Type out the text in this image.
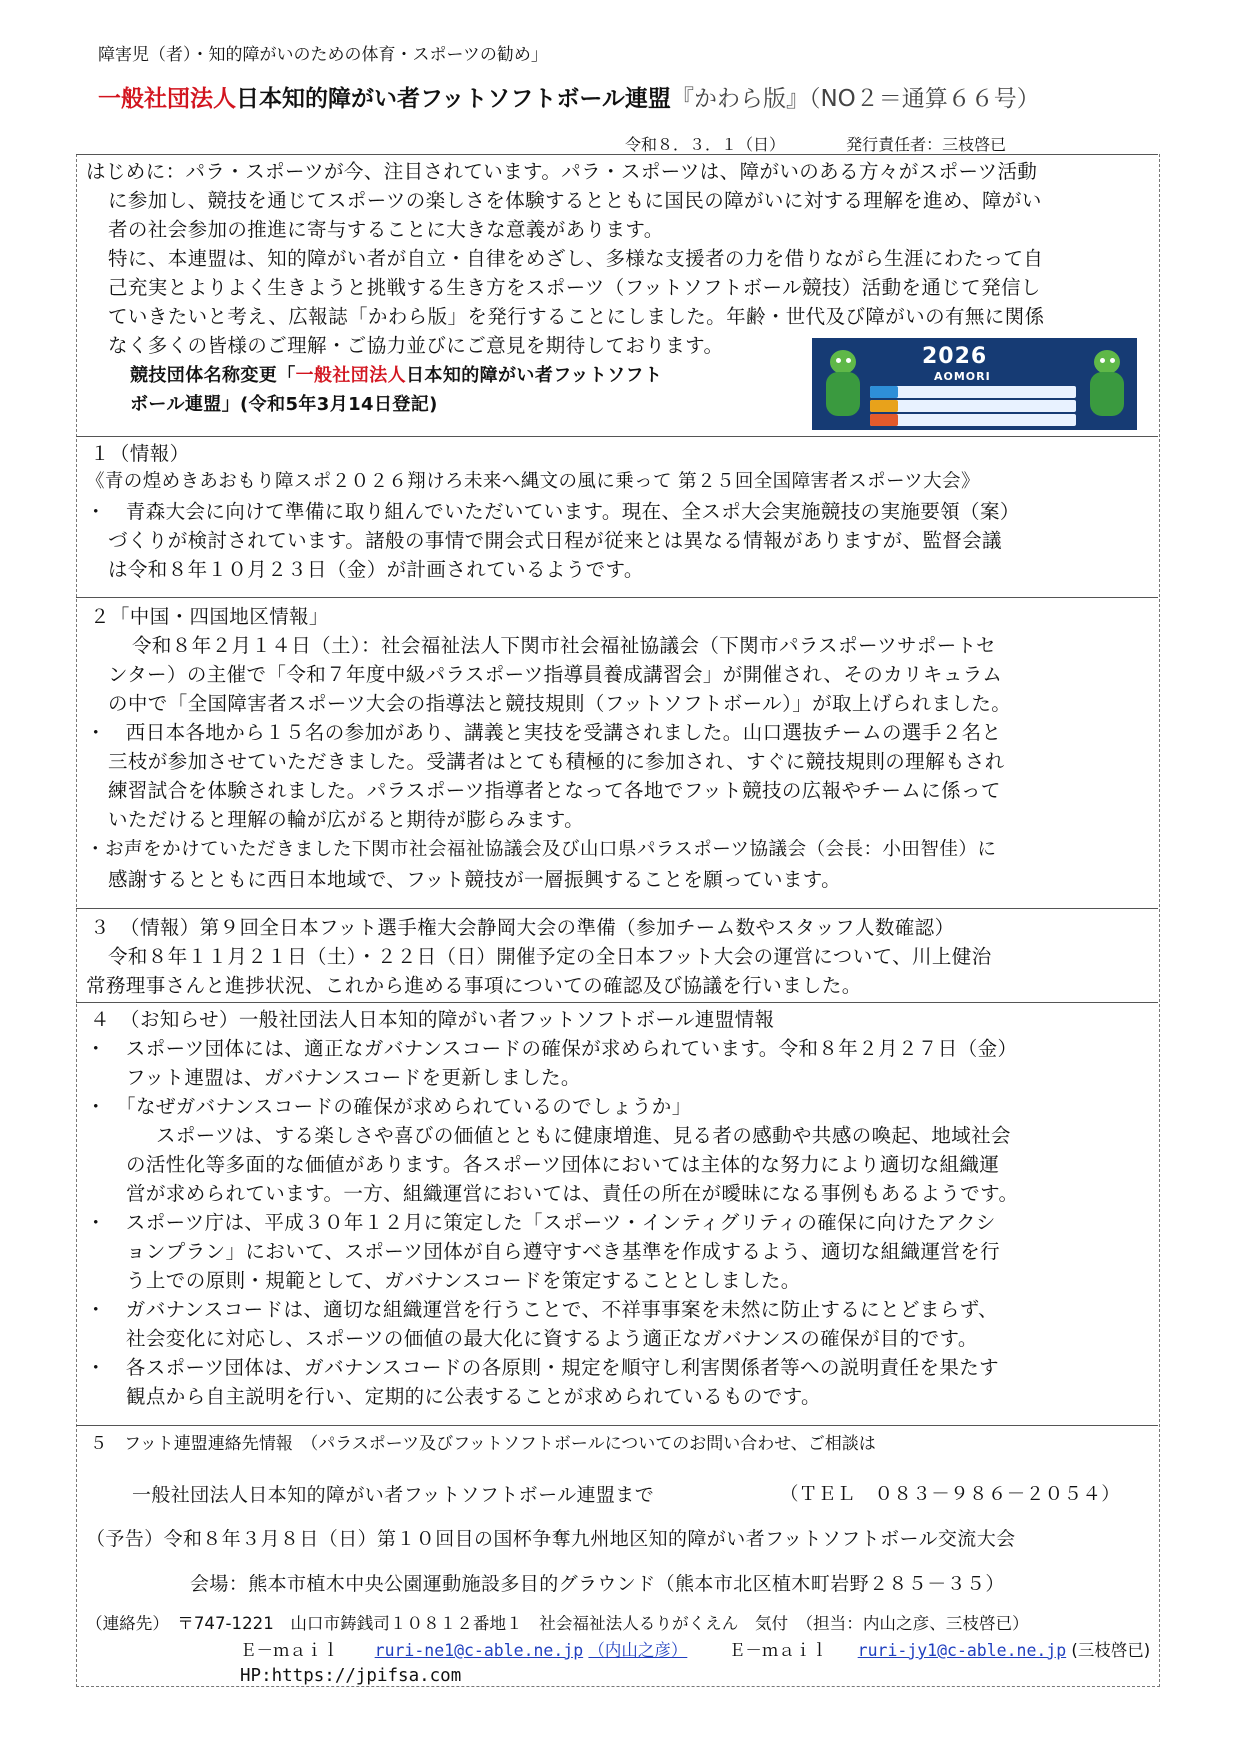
障害児（者）・知的障がいのための体育・スポーツの勧め」
一般社団法人日本知的障がい者フットソフトボール連盟『かわら版』（NO２＝通算６６号）
令和８．３．１（日）	発行責任者：三枝啓已
はじめに：パラ・スポーツが今、注目されています。パラ・スポーツは、障がいのある方々がスポーツ活動
に参加し、競技を通じてスポーツの楽しさを体験するとともに国民の障がいに対する理解を進め、障がい
者の社会参加の推進に寄与することに大きな意義があります。
特に、本連盟は、知的障がい者が自立・自律をめざし、多様な支援者の力を借りながら生涯にわたって自
己充実とよりよく生きようと挑戦する生き方をスポーツ（フットソフトボール競技）活動を通じて発信し
ていきたいと考え、広報誌「かわら版」を発行することにしました。年齢・世代及び障がいの有無に関係
なく多くの皆様のご理解・ご協力並びにご意見を期待しております。
競技団体名称変更「一般社団法人日本知的障がい者フットソフト
ボール連盟」(令和5年3月14日登記)
2026
AOMORI
１（情報）
《青の煌めきあおもり障スポ２０２６翔けろ未来へ縄文の風に乗って 第２５回全国障害者スポーツ大会》
・　青森大会に向けて準備に取り組んでいただいています。現在、全スポ大会実施競技の実施要領（案）
づくりが検討されています。諸般の事情で開会式日程が従来とは異なる情報がありますが、監督会議
は令和８年１０月２３日（金）が計画されているようです。
２「中国・四国地区情報」
令和８年２月１４日（土）：社会福祉法人下関市社会福祉協議会（下関市パラスポーツサポートセ
ンター）の主催で「令和７年度中級パラスポーツ指導員養成講習会」が開催され、そのカリキュラム
の中で「全国障害者スポーツ大会の指導法と競技規則（フットソフトボール）」が取上げられました。
・　西日本各地から１５名の参加があり、講義と実技を受講されました。山口選抜チームの選手２名と
三枝が参加させていただきました。受講者はとても積極的に参加され、すぐに競技規則の理解もされ
練習試合を体験されました。パラスポーツ指導者となって各地でフット競技の広報やチームに係って
いただけると理解の輪が広がると期待が膨らみます。
・お声をかけていただきました下関市社会福祉協議会及び山口県パラスポーツ協議会（会長：小田智佳）に
感謝するとともに西日本地域で、フット競技が一層振興することを願っています。
３　（情報）第９回全日本フット選手権大会静岡大会の準備（参加チーム数やスタッフ人数確認）
令和８年１１月２１日（土）・２２日（日）開催予定の全日本フット大会の運営について、川上健治
常務理事さんと進捗状況、これから進める事項についての確認及び協議を行いました。
４　（お知らせ）一般社団法人日本知的障がい者フットソフトボール連盟情報
・　スポーツ団体には、適正なガバナンスコードの確保が求められています。令和８年２月２７日（金）
フット連盟は、ガバナンスコードを更新しました。
・　「なぜガバナンスコードの確保が求められているのでしょうか」
スポーツは、する楽しさや喜びの価値とともに健康増進、見る者の感動や共感の喚起、地域社会
の活性化等多面的な価値があります。各スポーツ団体においては主体的な努力により適切な組織運
営が求められています。一方、組織運営においては、責任の所在が曖昧になる事例もあるようです。
・　スポーツ庁は、平成３０年１２月に策定した「スポーツ・インティグリティの確保に向けたアクシ
ョンプラン」において、スポーツ団体が自ら遵守すべき基準を作成するよう、適切な組織運営を行
う上での原則・規範として、ガバナンスコードを策定することとしました。
・　ガバナンスコードは、適切な組織運営を行うことで、不祥事事案を未然に防止するにとどまらず、
社会変化に対応し、スポーツの価値の最大化に資するよう適正なガバナンスの確保が目的です。
・　各スポーツ団体は、ガバナンスコードの各原則・規定を順守し利害関係者等への説明責任を果たす
観点から自主説明を行い、定期的に公表することが求められているものです。
５　フット連盟連絡先情報　（パラスポーツ及びフットソフトボールについてのお問い合わせ、ご相談は
一般社団法人日本知的障がい者フットソフトボール連盟まで	（ＴＥＬ　０８３－９８６－２０５４）
（予告）令和８年３月８日（日）第１０回目の国杯争奪九州地区知的障がい者フットソフトボール交流大会
会場：熊本市植木中央公園運動施設多目的グラウンド（熊本市北区植木町岩野２８５－３５）
（連絡先）　〒747-1221　山口市鋳銭司１０８１２番地１　社会福祉法人るりがくえん　気付　（担当：内山之彦、三枝啓已）
Ｅ－ｍａｉｌ ruri-ne1@c-able.ne.jp （内山之彦） Ｅ－ｍａｉｌ ruri-jy1@c-able.ne.jp (三枝啓已)
HP:https://jpifsa.com
